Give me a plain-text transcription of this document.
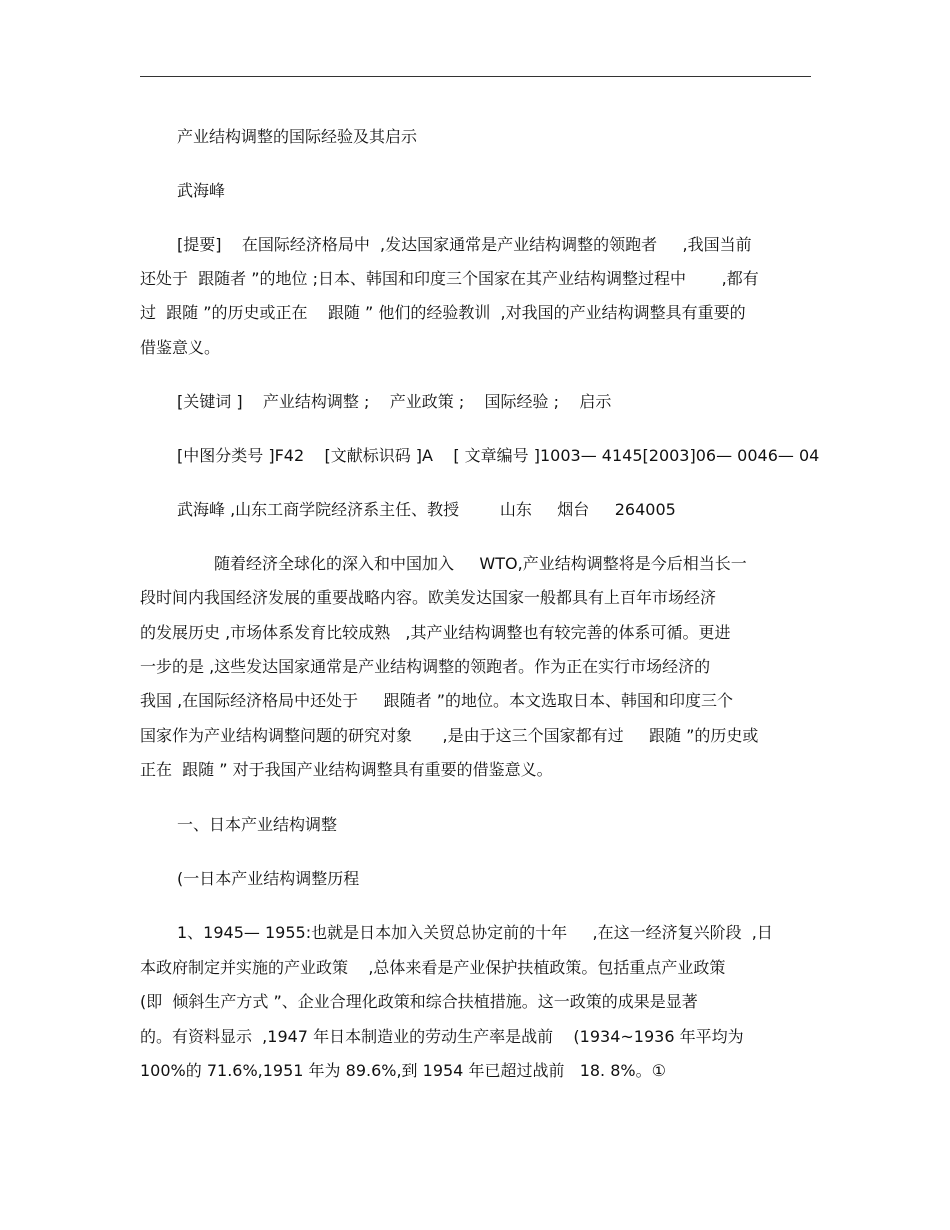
产业结构调整的国际经验及其启示
武海峰
[提要]    在国际经济格局中  ,发达国家通常是产业结构调整的领跑者     ,我国当前
还处于  跟随者 ”的地位 ;日本、韩国和印度三个国家在其产业结构调整过程中       ,都有
过  跟随 ”的历史或正在    跟随 ” 他们的经验教训  ,对我国的产业结构调整具有重要的
借鉴意义。
[关键词 ]    产业结构调整 ;    产业政策 ;    国际经验 ;    启示
[中图分类号 ]F42    [文献标识码 ]A    [ 文章编号 ]1003— 4145[2003]06— 0046— 04
武海峰 ,山东工商学院经济系主任、教授        山东     烟台     264005
随着经济全球化的深入和中国加入     WTO,产业结构调整将是今后相当长一
段时间内我国经济发展的重要战略内容。欧美发达国家一般都具有上百年市场经济
的发展历史 ,市场体系发育比较成熟   ,其产业结构调整也有较完善的体系可循。更进
一步的是 ,这些发达国家通常是产业结构调整的领跑者。作为正在实行市场经济的
我国 ,在国际经济格局中还处于     跟随者 ”的地位。本文选取日本、韩国和印度三个
国家作为产业结构调整问题的研究对象      ,是由于这三个国家都有过     跟随 ”的历史或
正在  跟随 ” 对于我国产业结构调整具有重要的借鉴意义。
一、日本产业结构调整
(一日本产业结构调整历程
1、1945— 1955:也就是日本加入关贸总协定前的十年     ,在这一经济复兴阶段  ,日
本政府制定并实施的产业政策    ,总体来看是产业保护扶植政策。包括重点产业政策
(即  倾斜生产方式 ”、企业合理化政策和综合扶植措施。这一政策的成果是显著
的。有资料显示  ,1947 年日本制造业的劳动生产率是战前    (1934~1936 年平均为
100%的 71.6%,1951 年为 89.6%,到 1954 年已超过战前   18. 8%。①
